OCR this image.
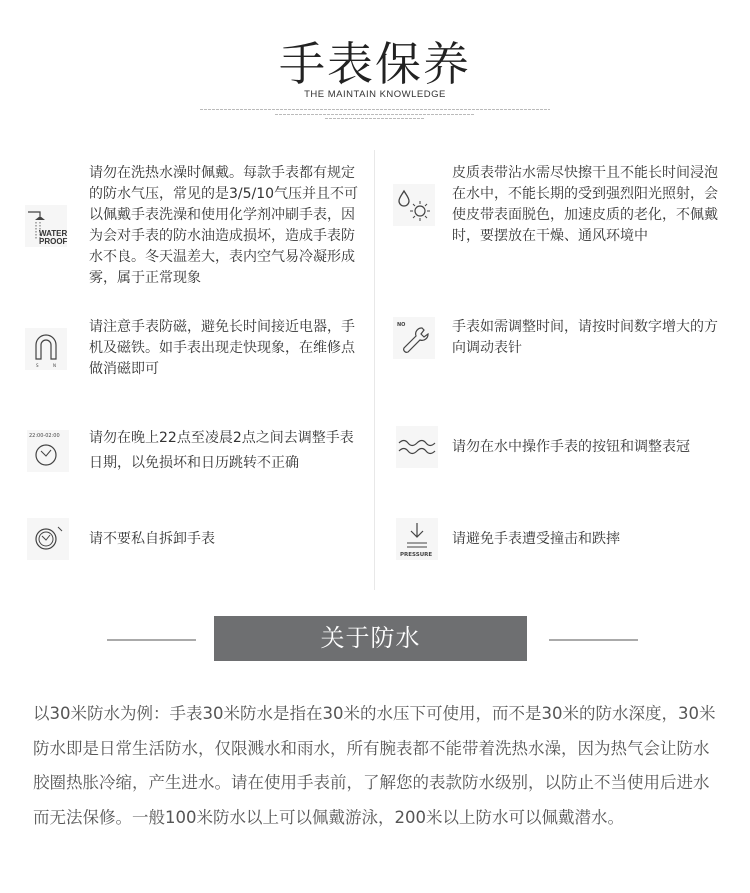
手表保养
THE MAINTAIN KNOWLEDGE
WATER PROOF
请勿在洗热水澡时佩戴。每款手表都有规定的防水气压，常见的是3/5/10气压并且不可以佩戴手表洗澡和使用化学剂冲刷手表，因为会对手表的防水油造成损坏，造成手表防水不良。冬天温差大，表内空气易冷凝形成雾，属于正常现象
皮质表带沾水需尽快擦干且不能长时间浸泡在水中，不能长期的受到强烈阳光照射，会使皮带表面脱色，加速皮质的老化，不佩戴时，要摆放在干燥、通风环境中
S	N
请注意手表防磁，避免长时间接近电器，手机及磁铁。如手表出现走快现象，在维修点做消磁即可
NO	手表如需调整时间，请按时间数字增大的方向调动表针
22:00-02:00 请勿在晚上22点至凌晨2点之间去调整手表日期，以免损坏和日历跳转不正确
请勿在水中操作手表的按钮和调整表冠
请不要私自拆卸手表
PRESSURE
请避免手表遭受撞击和跌摔
关于防水
以30米防水为例：手表30米防水是指在30米的水压下可使用，而不是30米的防水深度，30米防水即是日常生活防水，仅限溅水和雨水，所有腕表都不能带着洗热水澡，因为热气会让防水胶圈热胀冷缩，产生进水。请在使用手表前，了解您的表款防水级别，以防止不当使用后进水而无法保修。一般100米防水以上可以佩戴游泳，200米以上防水可以佩戴潜水。
